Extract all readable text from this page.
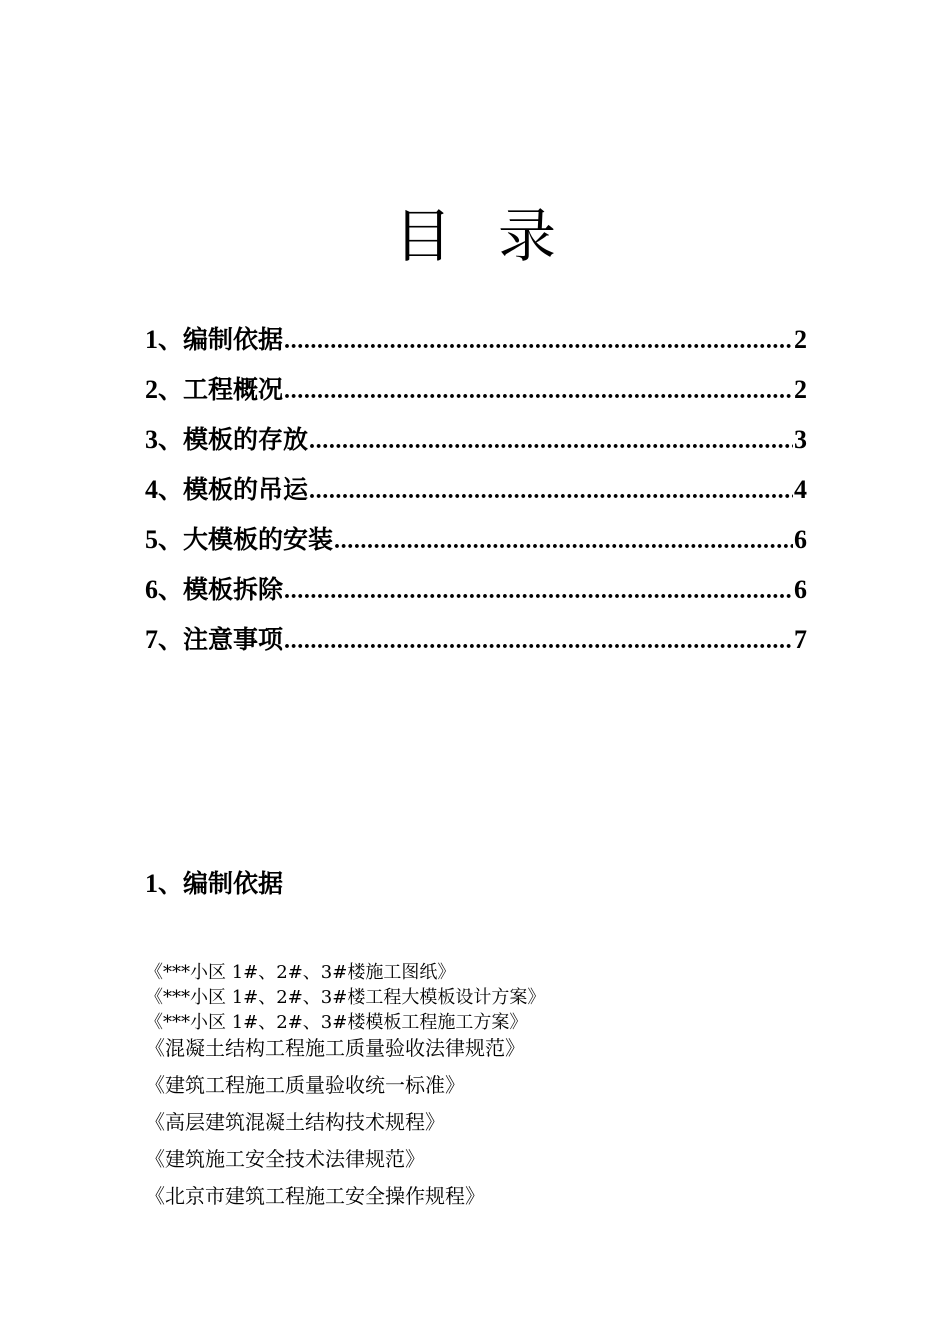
目 录
1 、 编制依据 .....	2
2 、 工程概况 .....	2
3 、 模板的存放 .....	3
4 、 模板的吊运 .....	4
5 、 大模板的安装 .....	6
6 、 模板拆除 .....	6
7 、 注意事项 .....	7
1、编制依据
《***小区 1#、2#、3#楼施工图纸》
《***小区 1#、2#、3#楼工程大模板设计方案》
《***小区 1#、2#、3#楼模板工程施工方案》
《混凝土结构工程施工质量验收法律规范》
《建筑工程施工质量验收统一标准》
《高层建筑混凝土结构技术规程》
《建筑施工安全技术法律规范》
《北京市建筑工程施工安全操作规程》
